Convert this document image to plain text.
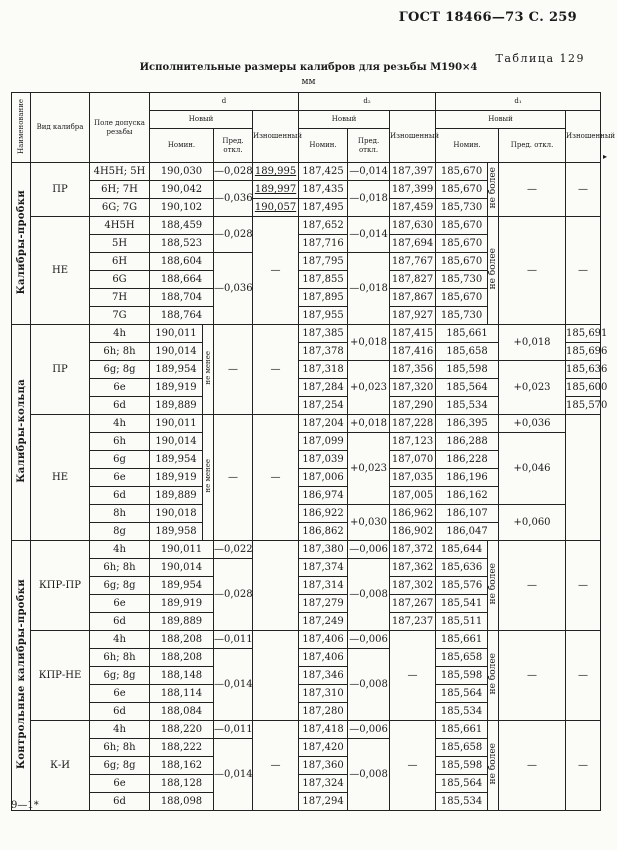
ГОСТ 18466—73 С. 259
Таблица 129
Исполнительные размеры калибров для резьбы М190×4
мм
Наименование	Вид калибра	Поле допуска резьбы	d				d₂			d₁			
			Новый			Изношенный	Новый		Изношенный	Новый			Изношенный
			Номин.		Пред. откл.		Номин.	Пред. откл.		Номин.		Пред. откл.	
Калибры-пробки	ПР	4H5H; 5H	190,030		—0,028	189,995	187,425	—0,014	187,397	185,670	не более	—	—
		6H; 7H	190,042		—0,036	189,997	187,435	—0,018	187,399	185,670			
		6G; 7G	190,102			190,057	187,495		187,459	185,730			
	НЕ	4H5H	188,459		—0,028	—	187,652	—0,014	187,630	185,670	не более	—	—
		5H	188,523				187,716		187,694	185,670			
		6H	188,604		—0,036		187,795	—0,018	187,767	185,670			
		6G	188,664				187,855		187,827	185,730			
		7H	188,704				187,895		187,867	185,670			
		7G	188,764				187,955		187,927	185,730			
Калибры-кольца	ПР	4h	190,011	не менее	—	—	187,385	+0,018	187,415	185,661		+0,018	185,691
		6h; 8h	190,014				187,378		187,416	185,658			185,696
		6g; 8g	189,954				187,318	+0,023	187,356	185,598		+0,023	185,636
		6e	189,919				187,284		187,320	185,564			185,600
		6d	189,889				187,254		187,290	185,534			185,570
	НЕ	4h	190,011	не менее	—	—	187,204	+0,018	187,228	186,395		+0,036	
		6h	190,014				187,099	+0,023	187,123	186,288		+0,046	
		6g	189,954				187,039		187,070	186,228			
		6e	189,919				187,006		187,035	186,196			
		6d	189,889				186,974		187,005	186,162			
		8h	190,018				186,922	+0,030	186,962	186,107		+0,060	
		8g	189,958				186,862		186,902	186,047			
Контрольные калибры-пробки	КПР-ПР	4h	190,011		—0,022		187,380	—0,006	187,372	185,644	не более	—	—
		6h; 8h	190,014		—0,028		187,374	—0,008	187,362	185,636			
		6g; 8g	189,954				187,314		187,302	185,576			
		6e	189,919				187,279		187,267	185,541			
		6d	189,889				187,249		187,237	185,511			
	КПР-НЕ	4h	188,208		—0,011		187,406	—0,006	—	185,661	не более	—	—
		6h; 8h	188,208		—0,014		187,406	—0,008		185,658			
		6g; 8g	188,148				187,346			185,598			
		6e	188,114				187,310			185,564			
		6d	188,084				187,280			185,534			
	К-И	4h	188,220		—0,011	—	187,418	—0,006	—	185,661	не более	—	—
		6h; 8h	188,222		—0,014		187,420	—0,008		185,658			
		6g; 8g	188,162				187,360			185,598			
		6e	188,128				187,324			185,564			
		6d	188,098				187,294			185,534			
▸
9—1*
